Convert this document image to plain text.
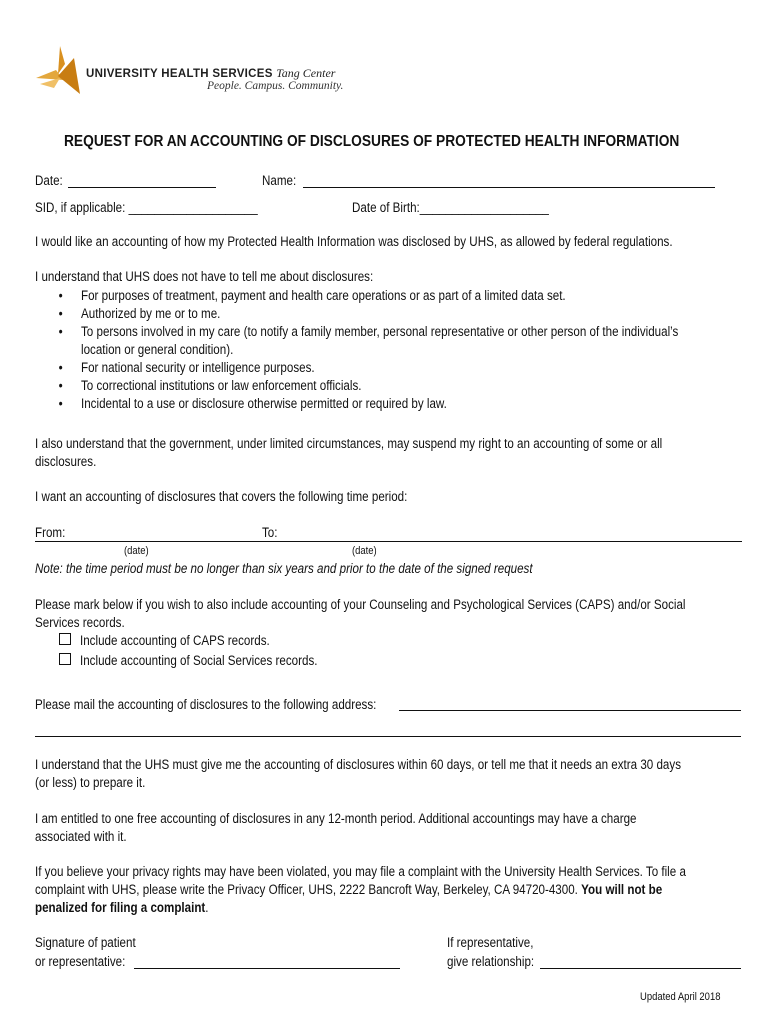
UNIVERSITY HEALTH SERVICES Tang Center
People. Campus. Community.
REQUEST FOR AN ACCOUNTING OF DISCLOSURES OF PROTECTED HEALTH INFORMATION
Date:	Name:
SID, if applicable: ____________________	Date of Birth:____________________
I would like an accounting of how my Protected Health Information was disclosed by UHS, as allowed by federal regulations.
I understand that UHS does not have to tell me about disclosures:
• For purposes of treatment, payment and health care operations or as part of a limited data set.
• Authorized by me or to me.
• To persons involved in my care (to notify a family member, personal representative or other person of the individual’s
location or general condition).
• For national security or intelligence purposes.
• To correctional institutions or law enforcement officials.
• Incidental to a use or disclosure otherwise permitted or required by law.
I also understand that the government, under limited circumstances, may suspend my right to an accounting of some or all
disclosures.
I want an accounting of disclosures that covers the following time period:
From:	To:
(date)	(date)
Note: the time period must be no longer than six years and prior to the date of the signed request
Please mark below if you wish to also include accounting of your Counseling and Psychological Services (CAPS) and/or Social
Services records.
Include accounting of CAPS records.
Include accounting of Social Services records.
Please mail the accounting of disclosures to the following address:
I understand that the UHS must give me the accounting of disclosures within 60 days, or tell me that it needs an extra 30 days
(or less) to prepare it.
I am entitled to one free accounting of disclosures in any 12-month period. Additional accountings may have a charge
associated with it.
If you believe your privacy rights may have been violated, you may file a complaint with the University Health Services. To file a
complaint with UHS, please write the Privacy Officer, UHS, 2222 Bancroft Way, Berkeley, CA 94720-4300. You will not be
penalized for filing a complaint.
Signature of patient
or representative:
If representative,
give relationship:
Updated April 2018
